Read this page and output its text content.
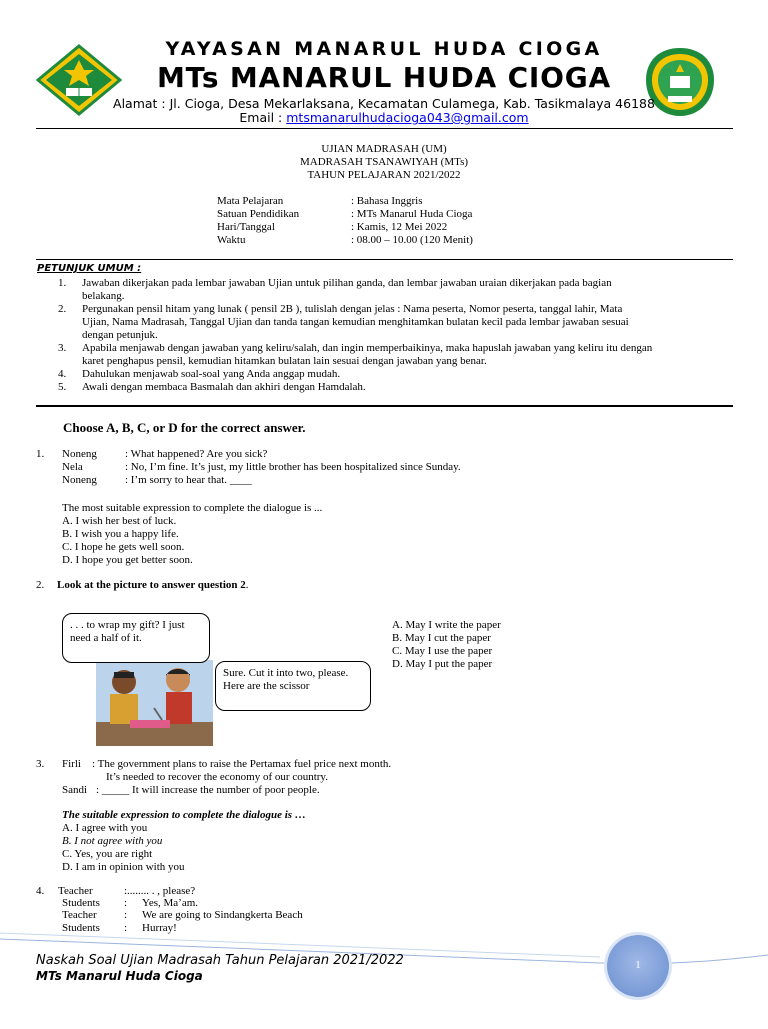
YAYASAN MANARUL HUDA CIOGA
MTs MANARUL HUDA CIOGA
Alamat : Jl. Cioga, Desa Mekarlaksana, Kecamatan Culamega, Kab. Tasikmalaya 46188
Email : mtsmanarulhudacioga043@gmail.com
UJIAN MADRASAH (UM)
MADRASAH TSANAWIYAH (MTs)
TAHUN PELAJARAN 2021/2022
Mata Pelajaran	: Bahasa Inggris
Satuan Pendidikan	: MTs Manarul Huda Cioga
Hari/Tanggal	: Kamis, 12 Mei 2022
Waktu	: 08.00 – 10.00 (120 Menit)
PETUNJUK UMUM :
1. Jawaban dikerjakan pada lembar jawaban Ujian untuk pilihan ganda, dan lembar jawaban uraian dikerjakan pada bagian
belakang.
2. Pergunakan pensil hitam yang lunak ( pensil 2B ), tulislah dengan jelas : Nama peserta, Nomor peserta, tanggal lahir, Mata
Ujian, Nama Madrasah, Tanggal Ujian dan tanda tangan kemudian menghitamkan bulatan kecil pada lembar jawaban sesuai
dengan petunjuk.
3. Apabila menjawab dengan jawaban yang keliru/salah, dan ingin memperbaikinya, maka hapuslah jawaban yang keliru itu dengan
karet penghapus pensil, kemudian hitamkan bulatan lain sesuai dengan jawaban yang benar.
4. Dahulukan menjawab soal-soal yang Anda anggap mudah.
5. Awali dengan membaca Basmalah dan akhiri dengan Hamdalah.
Choose A, B, C, or D for the correct answer.
1. Noneng	: What happened? Are you sick?
Nela	: No, I’m fine. It’s just, my little brother has been hospitalized since Sunday.
Noneng	: I’m sorry to hear that. ____
The most suitable expression to complete the dialogue is ...
A. I wish her best of luck.
B. I wish you a happy life.
C. I hope he gets well soon.
D. I hope you get better soon.
2. Look at the picture to answer question 2.
. . . to wrap my gift? I just need a half of it.
Sure. Cut it into two, please. Here are the scissor
A. May I write the paper
B. May I cut the paper
C. May I use the paper
D. May I put the paper
3. Firli : The government plans to raise the Pertamax fuel price next month.
It’s needed to recover the economy of our country.
Sandi : _____ It will increase the number of poor people.
The suitable expression to complete the dialogue is …
A. I agree with you
B. I not agree with you
C. Yes, you are right
D. I am in opinion with you
4. Teacher	:........ . , please?
Students : Yes, Ma’am.
Teacher : We are going to Sindangkerta Beach
Students : Hurray!
1
Naskah Soal Ujian Madrasah Tahun Pelajaran 2021/2022
MTs Manarul Huda Cioga
